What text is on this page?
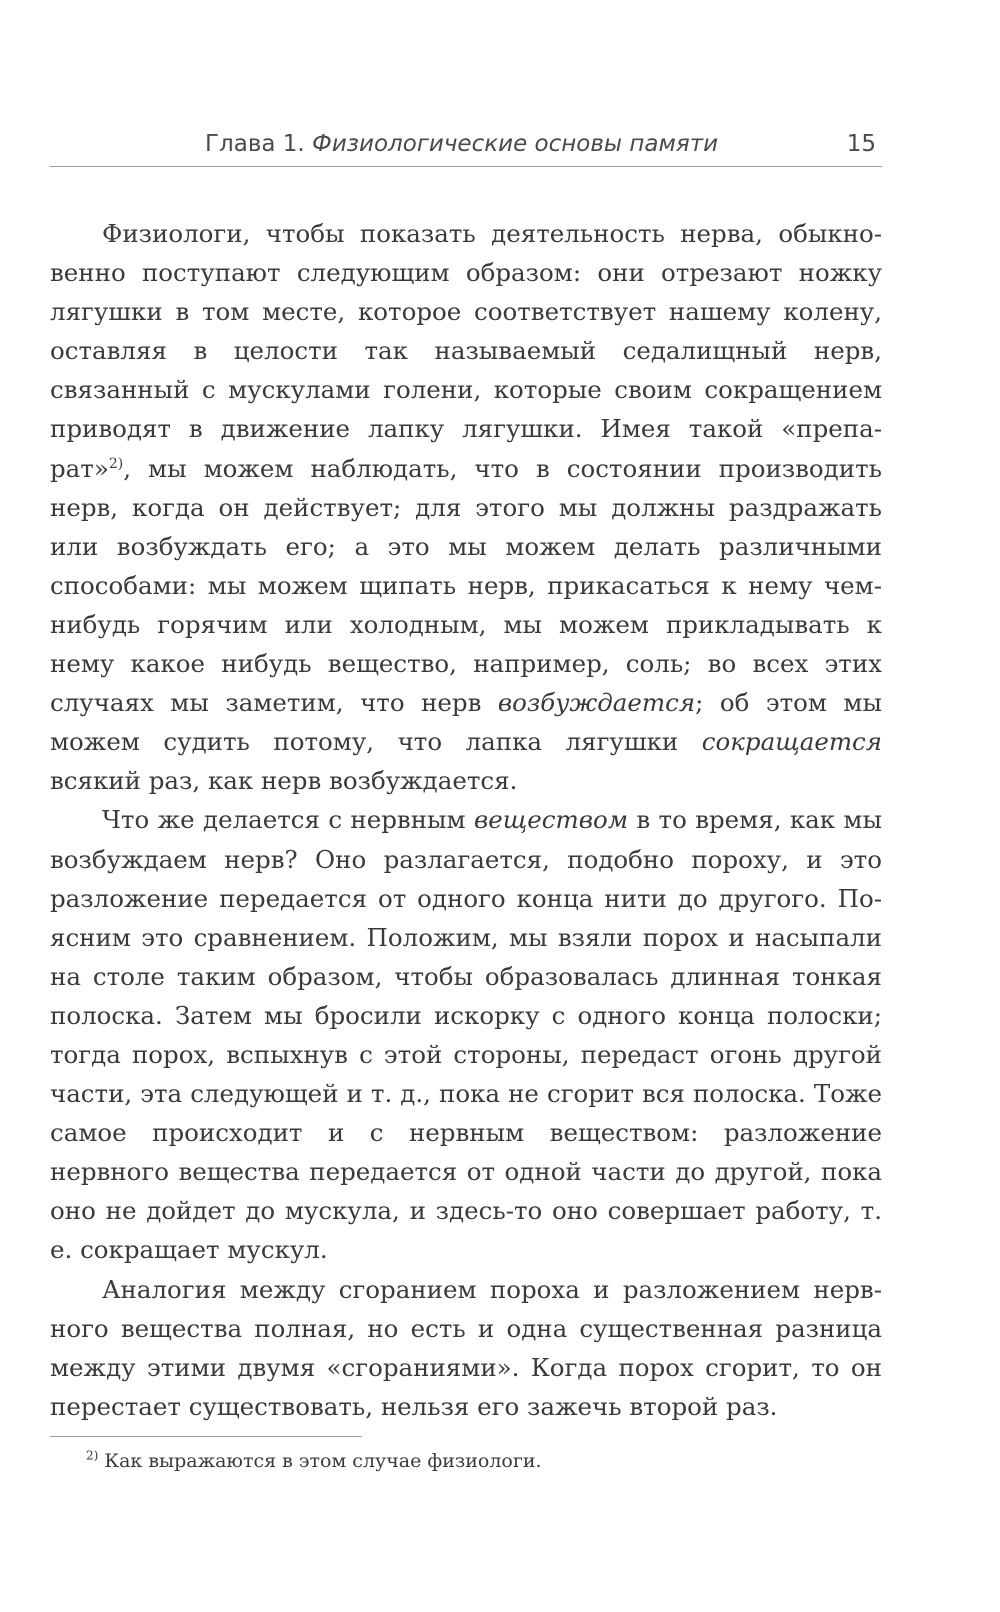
Глава 1. Физиологические основы памяти	15

Физиологи, чтобы показать деятельность нерва, обыкновенно поступают следующим образом: они отрезают ножку лягушки в том месте, которое соответствует нашему колену, оставляя в целости так называемый седалищный нерв, связанный с мускулами голени, которые своим сокращением приводят в движение лапку лягушки. Имея такой «препарат»$^{2)}$, мы можем наблюдать, что в состоянии производить нерв, когда он действует; для этого мы должны раздражать или возбуждать его; а это мы можем делать различными способами: мы можем щипать нерв, прикасаться к нему чем-нибудь горячим или холодным, мы можем прикладывать к нему какое нибудь вещество, например, соль; во всех этих случаях мы заметим, что нерв возбуждается; об этом мы можем судить потому, что лапка лягушки сокращается всякий раз, как нерв возбуждается.

Что же делается с нервным веществом в то время, как мы возбуждаем нерв? Оно разлагается, подобно пороху, и это разложение передается от одного конца нити до другого. Поясним это сравнением. Положим, мы взяли порох и насыпали на столе таким образом, чтобы образовалась длинная тонкая полоска. Затем мы бросили искорку с одного конца полоски; тогда порох, вспыхнув с этой стороны, передаст огонь другой части, эта следующей и т. д., пока не сгорит вся полоска. Тоже самое происходит и с нервным веществом: разложение нервного вещества передается от одной части до другой, пока оно не дойдет до мускула, и здесь-то оно совершает работу, т. е. сокращает мускул.

Аналогия между сгоранием пороха и разложением нервного вещества полная, но есть и одна существенная разница между этими двумя «сгораниями». Когда порох сгорит, то он перестает существовать, нельзя его зажечь второй раз.

$^{2)}$ Как выражаются в этом случае физиологи.
